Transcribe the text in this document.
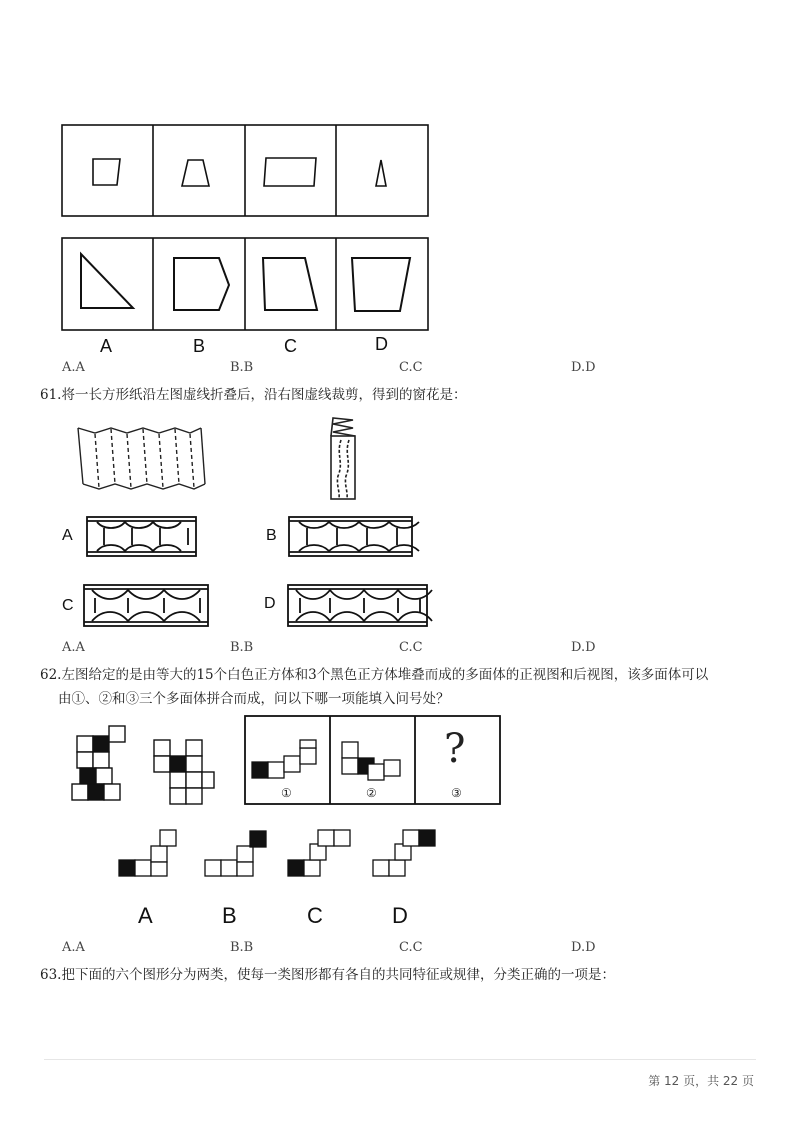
A	B	C	D
A.A	B.B	C.C	D.D
61.将一长方形纸沿左图虚线折叠后，沿右图虚线裁剪，得到的窗花是：
A	B
C	D
A.A	B.B	C.C	D.D
62.左图给定的是由等大的15个白色正方体和3个黑色正方体堆叠而成的多面体的正视图和后视图，该多面体可以
由①、②和③三个多面体拼合而成，问以下哪一项能填入问号处？
①	②	③
?
A	B	C	D
A.A	B.B	C.C	D.D
63.把下面的六个图形分为两类，使每一类图形都有各自的共同特征或规律，分类正确的一项是：
第 12 页，共 22 页
